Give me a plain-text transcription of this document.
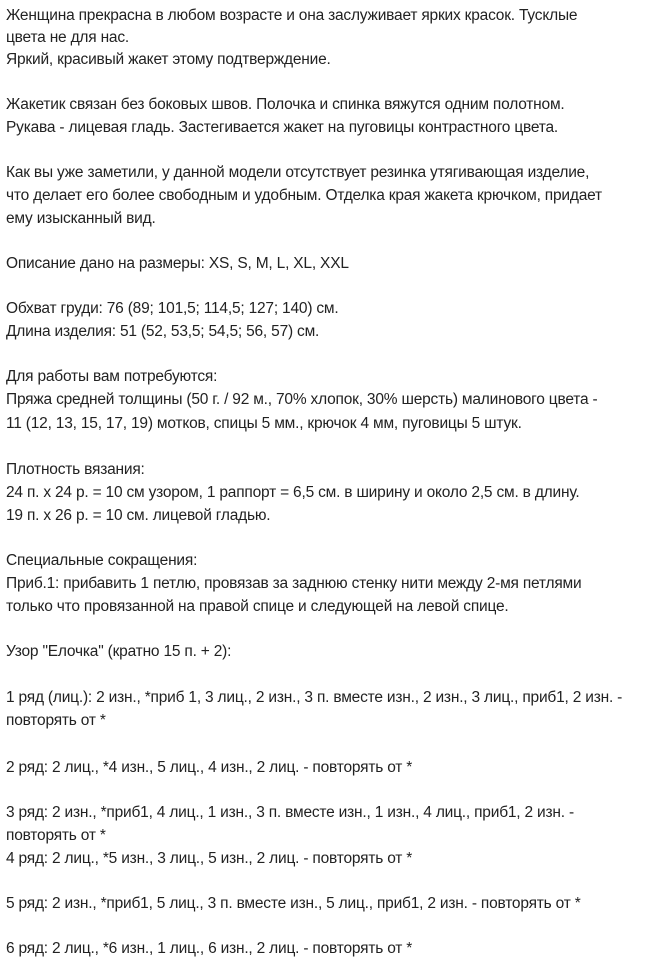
Женщина прекрасна в любом возрасте и она заслуживает ярких красок. Тусклые
цвета не для нас.
Яркий, красивый жакет этому подтверждение.
Жакетик связан без боковых швов. Полочка и спинка вяжутся одним полотном.
Рукава - лицевая гладь. Застегивается жакет на пуговицы контрастного цвета.
Как вы уже заметили, у данной модели отсутствует резинка утягивающая изделие,
что делает его более свободным и удобным. Отделка края жакета крючком, придает
ему изысканный вид.
Описание дано на размеры: XS, S, M, L, XL, XXL
Обхват груди: 76 (89; 101,5; 114,5; 127; 140) см.
Длина изделия: 51 (52, 53,5; 54,5; 56, 57) см.
Для работы вам потребуются:
Пряжа средней толщины (50 г. / 92 м., 70% хлопок, 30% шерсть) малинового цвета -
11 (12, 13, 15, 17, 19) мотков, спицы 5 мм., крючок 4 мм, пуговицы 5 штук.
Плотность вязания:
24 п. х 24 р. = 10 см узором, 1 раппорт = 6,5 см. в ширину и около 2,5 см. в длину.
19 п. х 26 р. = 10 см. лицевой гладью.
Специальные сокращения:
Приб.1: прибавить 1 петлю, провязав за заднюю стенку нити между 2-мя петлями
только что провязанной на правой спице и следующей на левой спице.
Узор "Елочка" (кратно 15 п. + 2):
1 ряд (лиц.): 2 изн., *приб 1, 3 лиц., 2 изн., 3 п. вместе изн., 2 изн., 3 лиц., приб1, 2 изн. -
повторять от *
2 ряд: 2 лиц., *4 изн., 5 лиц., 4 изн., 2 лиц. - повторять от *
3 ряд: 2 изн., *приб1, 4 лиц., 1 изн., 3 п. вместе изн., 1 изн., 4 лиц., приб1, 2 изн. -
повторять от *
4 ряд: 2 лиц., *5 изн., 3 лиц., 5 изн., 2 лиц. - повторять от *
5 ряд: 2 изн., *приб1, 5 лиц., 3 п. вместе изн., 5 лиц., приб1, 2 изн. - повторять от *
6 ряд: 2 лиц., *6 изн., 1 лиц., 6 изн., 2 лиц. - повторять от *
